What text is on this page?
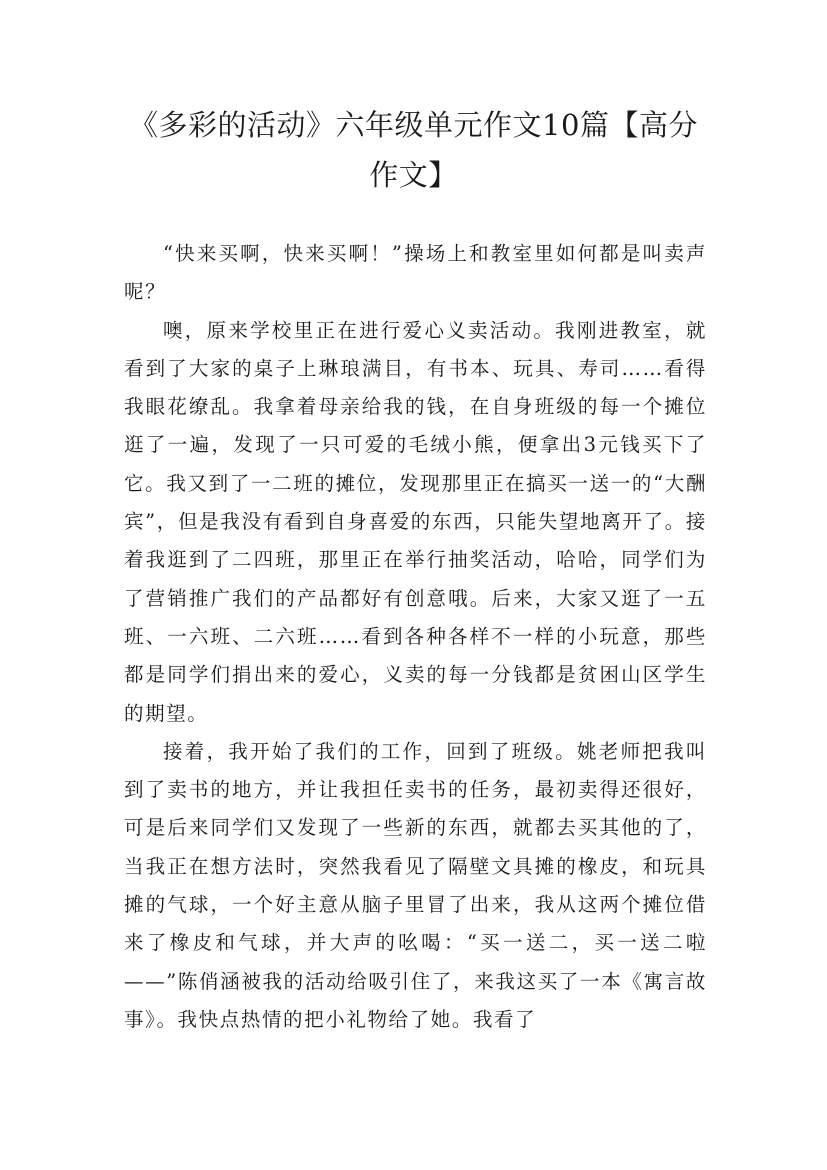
《多彩的活动》六年级单元作文10篇【高分作文】

“快来买啊，快来买啊！”操场上和教室里如何都是叫卖声呢？

噢，原来学校里正在进行爱心义卖活动。我刚进教室，就看到了大家的桌子上琳琅满目，有书本、玩具、寿司……看得我眼花缭乱。我拿着母亲给我的钱，在自身班级的每一个摊位逛了一遍，发现了一只可爱的毛绒小熊，便拿出3元钱买下了它。我又到了一二班的摊位，发现那里正在搞买一送一的“大酬宾”，但是我没有看到自身喜爱的东西，只能失望地离开了。接着我逛到了二四班，那里正在举行抽奖活动，哈哈，同学们为了营销推广我们的产品都好有创意哦。后来，大家又逛了一五班、一六班、二六班……看到各种各样不一样的小玩意，那些都是同学们捐出来的爱心，义卖的每一分钱都是贫困山区学生的期望。

接着，我开始了我们的工作，回到了班级。姚老师把我叫到了卖书的地方，并让我担任卖书的任务，最初卖得还很好，可是后来同学们又发现了一些新的东西，就都去买其他的了，当我正在想方法时，突然我看见了隔壁文具摊的橡皮，和玩具摊的气球，一个好主意从脑子里冒了出来，我从这两个摊位借来了橡皮和气球，并大声的吆喝：“买一送二，买一送二啦——”陈俏涵被我的活动给吸引住了，来我这买了一本《寓言故事》。我快点热情的把小礼物给了她。我看了
